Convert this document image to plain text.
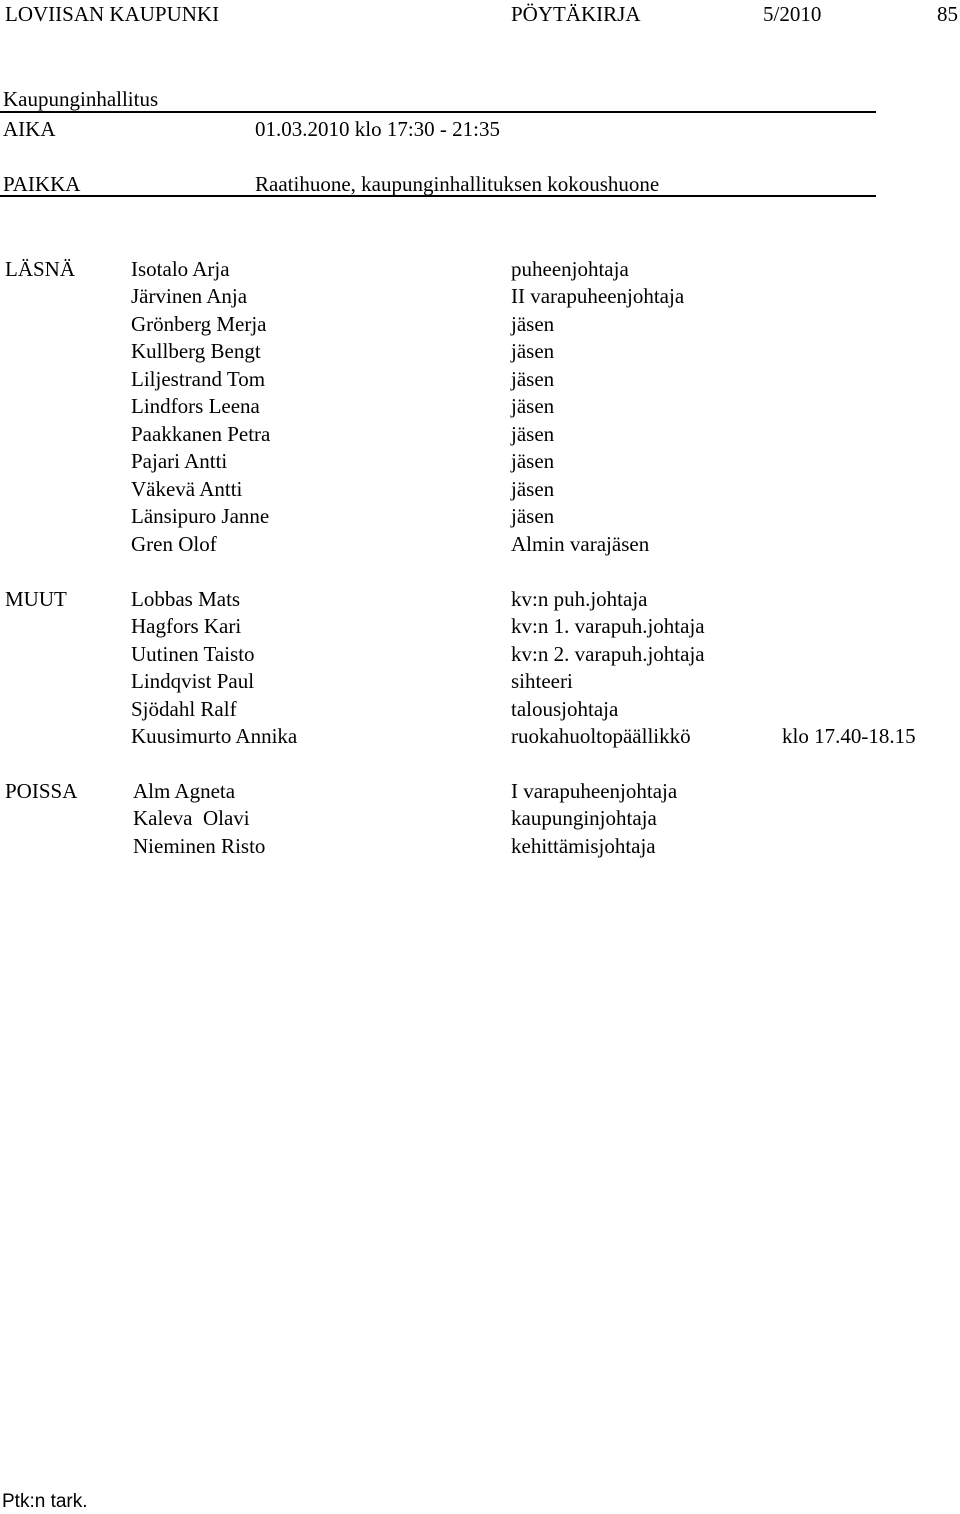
LOVIISAN KAUPUNKI	PÖYTÄKIRJA	5/2010	85
Kaupunginhallitus
AIKA	01.03.2010 klo 17:30 - 21:35
PAIKKA	Raatihuone, kaupunginhallituksen kokoushuone
LÄSNÄ	Isotalo Arja	puheenjohtaja
Järvinen Anja	II varapuheenjohtaja
Grönberg Merja	jäsen
Kullberg Bengt	jäsen
Liljestrand Tom	jäsen
Lindfors Leena	jäsen
Paakkanen Petra	jäsen
Pajari Antti	jäsen
Väkevä Antti	jäsen
Länsipuro Janne	jäsen
Gren Olof	Almin varajäsen
MUUT	Lobbas Mats	kv:n puh.johtaja
Hagfors Kari	kv:n 1. varapuh.johtaja
Uutinen Taisto	kv:n 2. varapuh.johtaja
Lindqvist Paul	sihteeri
Sjödahl Ralf	talousjohtaja
Kuusimurto Annika	ruokahuoltopäällikkö	klo 17.40-18.15
POISSA	Alm Agneta	I varapuheenjohtaja
Kaleva  Olavi	kaupunginjohtaja
Nieminen Risto	kehittämisjohtaja
Ptk:n tark.
